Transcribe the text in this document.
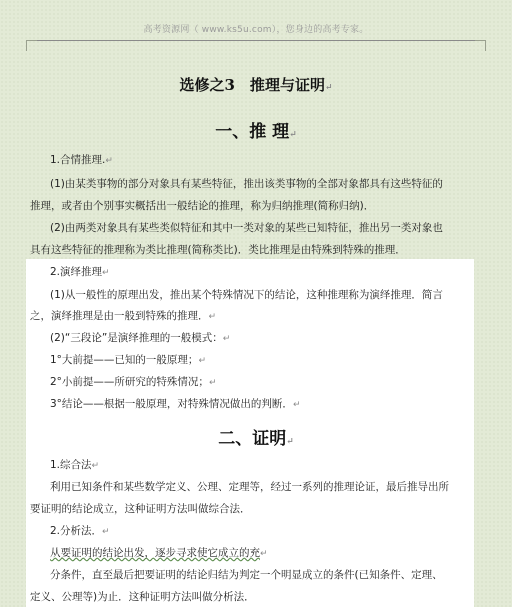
高考资源网（ www.ks5u.com），您身边的高考专家。
选修之3　推理与证明↵
一、推 理↵
1.合情推理.↵
(1)由某类事物的部分对象具有某些特征，推出该类事物的全部对象都具有这些特征的
推理，或者由个别事实概括出一般结论的推理，称为归纳推理(简称归纳)．
(2)由两类对象具有某些类似特征和其中一类对象的某些已知特征，推出另一类对象也
具有这些特征的推理称为类比推理(简称类比)．类比推理是由特殊到特殊的推理．
2.演绎推理↵
(1)从一般性的原理出发，推出某个特殊情况下的结论，这种推理称为演绎推理．简言
之，演绎推理是由一般到特殊的推理．↵
(2)“三段论”是演绎推理的一般模式：↵
1°大前提——已知的一般原理；↵
2°小前提——所研究的特殊情况；↵
3°结论——根据一般原理，对特殊情况做出的判断．↵
二、证明↵
1.综合法↵
利用已知条件和某些数学定义、公理、定理等，经过一系列的推理论证，最后推导出所
要证明的结论成立，这种证明方法叫做综合法．
2.分析法．↵
从要证明的结论出发，逐步寻求使它成立的充↵
分条件，直至最后把要证明的结论归结为判定一个明显成立的条件(已知条件、定理、
定义、公理等)为止．这种证明方法叫做分析法．
